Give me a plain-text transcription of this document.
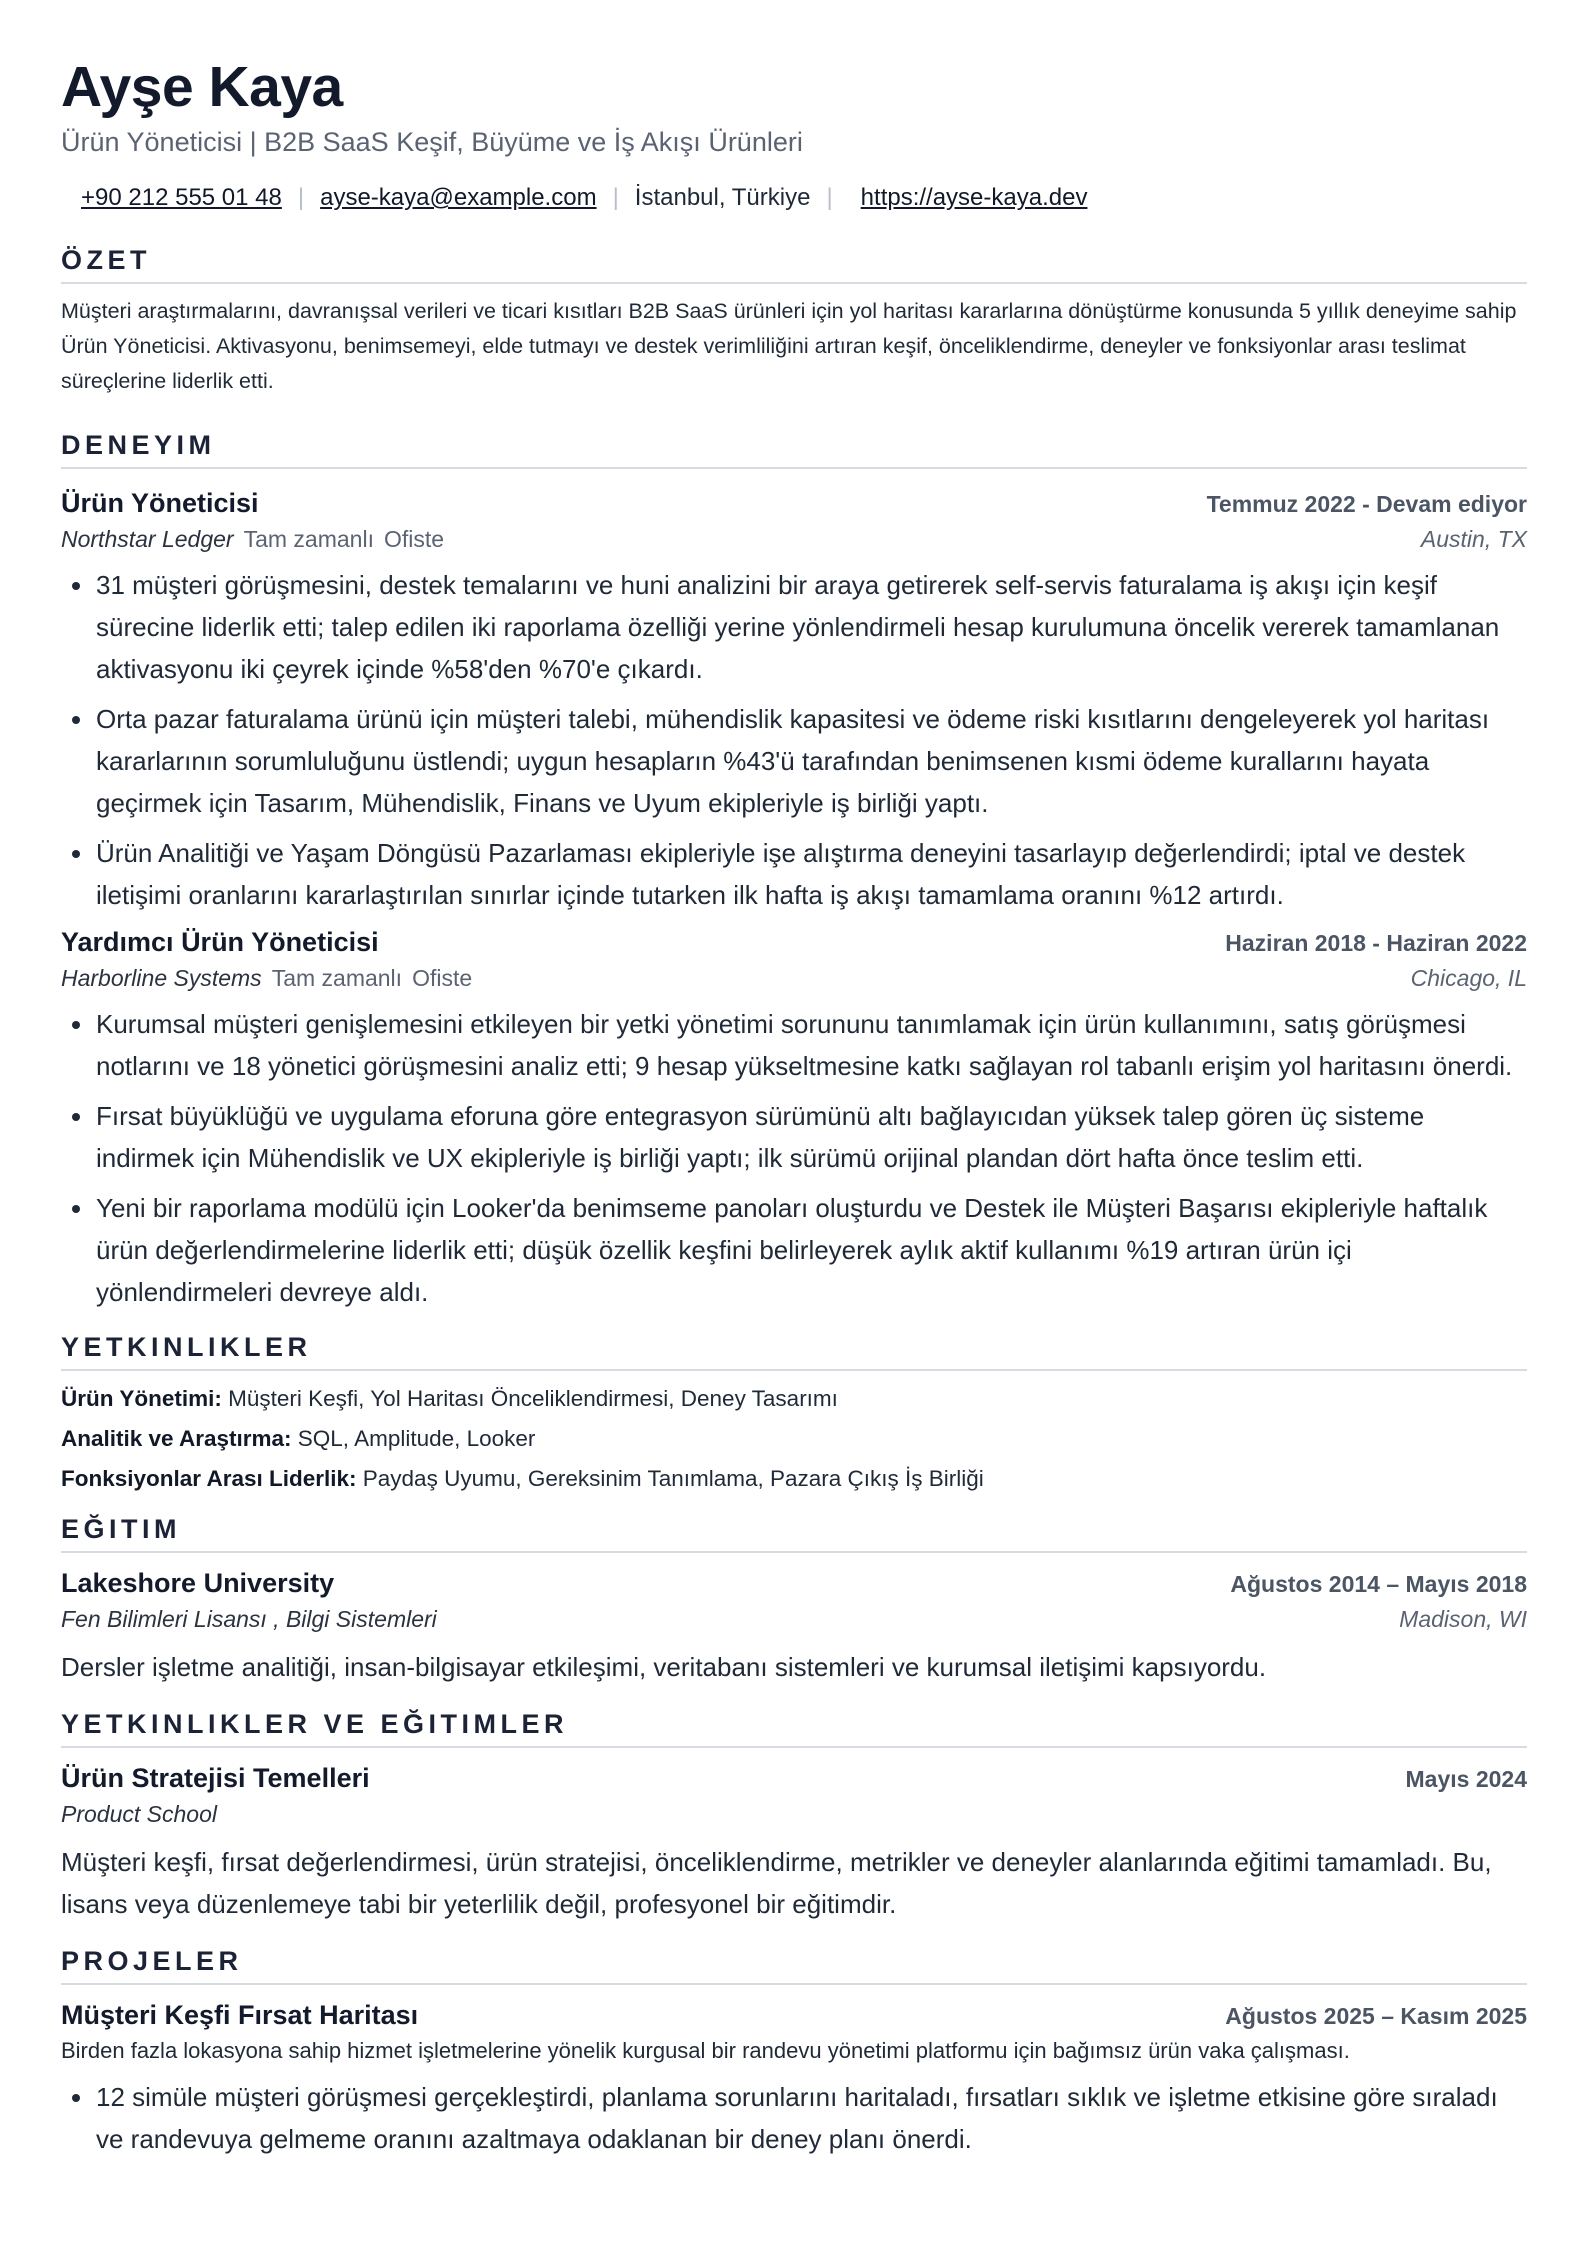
Ayşe Kaya
Ürün Yöneticisi | B2B SaaS Keşif, Büyüme ve İş Akışı Ürünleri
+90 212 555 01 48 | ayse-kaya@example.com | İstanbul, Türkiye | https://ayse-kaya.dev
ÖZET
Müşteri araştırmalarını, davranışsal verileri ve ticari kısıtları B2B SaaS ürünleri için yol haritası kararlarına dönüştürme konusunda 5 yıllık deneyime sahip Ürün Yöneticisi. Aktivasyonu, benimsemeyi, elde tutmayı ve destek verimliliğini artıran keşif, önceliklendirme, deneyler ve fonksiyonlar arası teslimat süreçlerine liderlik etti.
DENEYIM
Ürün Yöneticisi	Temmuz 2022 - Devam ediyor
Northstar Ledger Tam zamanlı Ofiste	Austin, TX
• 31 müşteri görüşmesini, destek temalarını ve huni analizini bir araya getirerek self-servis faturalama iş akışı için keşif sürecine liderlik etti; talep edilen iki raporlama özelliği yerine yönlendirmeli hesap kurulumuna öncelik vererek tamamlanan aktivasyonu iki çeyrek içinde %58'den %70'e çıkardı.
• Orta pazar faturalama ürünü için müşteri talebi, mühendislik kapasitesi ve ödeme riski kısıtlarını dengeleyerek yol haritası kararlarının sorumluluğunu üstlendi; uygun hesapların %43'ü tarafından benimsenen kısmi ödeme kurallarını hayata geçirmek için Tasarım, Mühendislik, Finans ve Uyum ekipleriyle iş birliği yaptı.
• Ürün Analitiği ve Yaşam Döngüsü Pazarlaması ekipleriyle işe alıştırma deneyini tasarlayıp değerlendirdi; iptal ve destek iletişimi oranlarını kararlaştırılan sınırlar içinde tutarken ilk hafta iş akışı tamamlama oranını %12 artırdı.
Yardımcı Ürün Yöneticisi	Haziran 2018 - Haziran 2022
Harborline Systems Tam zamanlı Ofiste	Chicago, IL
• Kurumsal müşteri genişlemesini etkileyen bir yetki yönetimi sorununu tanımlamak için ürün kullanımını, satış görüşmesi notlarını ve 18 yönetici görüşmesini analiz etti; 9 hesap yükseltmesine katkı sağlayan rol tabanlı erişim yol haritasını önerdi.
• Fırsat büyüklüğü ve uygulama eforuna göre entegrasyon sürümünü altı bağlayıcıdan yüksek talep gören üç sisteme indirmek için Mühendislik ve UX ekipleriyle iş birliği yaptı; ilk sürümü orijinal plandan dört hafta önce teslim etti.
• Yeni bir raporlama modülü için Looker'da benimseme panoları oluşturdu ve Destek ile Müşteri Başarısı ekipleriyle haftalık ürün değerlendirmelerine liderlik etti; düşük özellik keşfini belirleyerek aylık aktif kullanımı %19 artıran ürün içi yönlendirmeleri devreye aldı.
YETKINLIKLER
Ürün Yönetimi: Müşteri Keşfi, Yol Haritası Önceliklendirmesi, Deney Tasarımı
Analitik ve Araştırma: SQL, Amplitude, Looker
Fonksiyonlar Arası Liderlik: Paydaş Uyumu, Gereksinim Tanımlama, Pazara Çıkış İş Birliği
EĞITIM
Lakeshore University	Ağustos 2014 – Mayıs 2018
Fen Bilimleri Lisansı , Bilgi Sistemleri	Madison, WI
Dersler işletme analitiği, insan-bilgisayar etkileşimi, veritabanı sistemleri ve kurumsal iletişimi kapsıyordu.
YETKINLIKLER VE EĞITIMLER
Ürün Stratejisi Temelleri	Mayıs 2024
Product School
Müşteri keşfi, fırsat değerlendirmesi, ürün stratejisi, önceliklendirme, metrikler ve deneyler alanlarında eğitimi tamamladı. Bu, lisans veya düzenlemeye tabi bir yeterlilik değil, profesyonel bir eğitimdir.
PROJELER
Müşteri Keşfi Fırsat Haritası	Ağustos 2025 – Kasım 2025
Birden fazla lokasyona sahip hizmet işletmelerine yönelik kurgusal bir randevu yönetimi platformu için bağımsız ürün vaka çalışması.
• 12 simüle müşteri görüşmesi gerçekleştirdi, planlama sorunlarını haritaladı, fırsatları sıklık ve işletme etkisine göre sıraladı ve randevuya gelmeme oranını azaltmaya odaklanan bir deney planı önerdi.
